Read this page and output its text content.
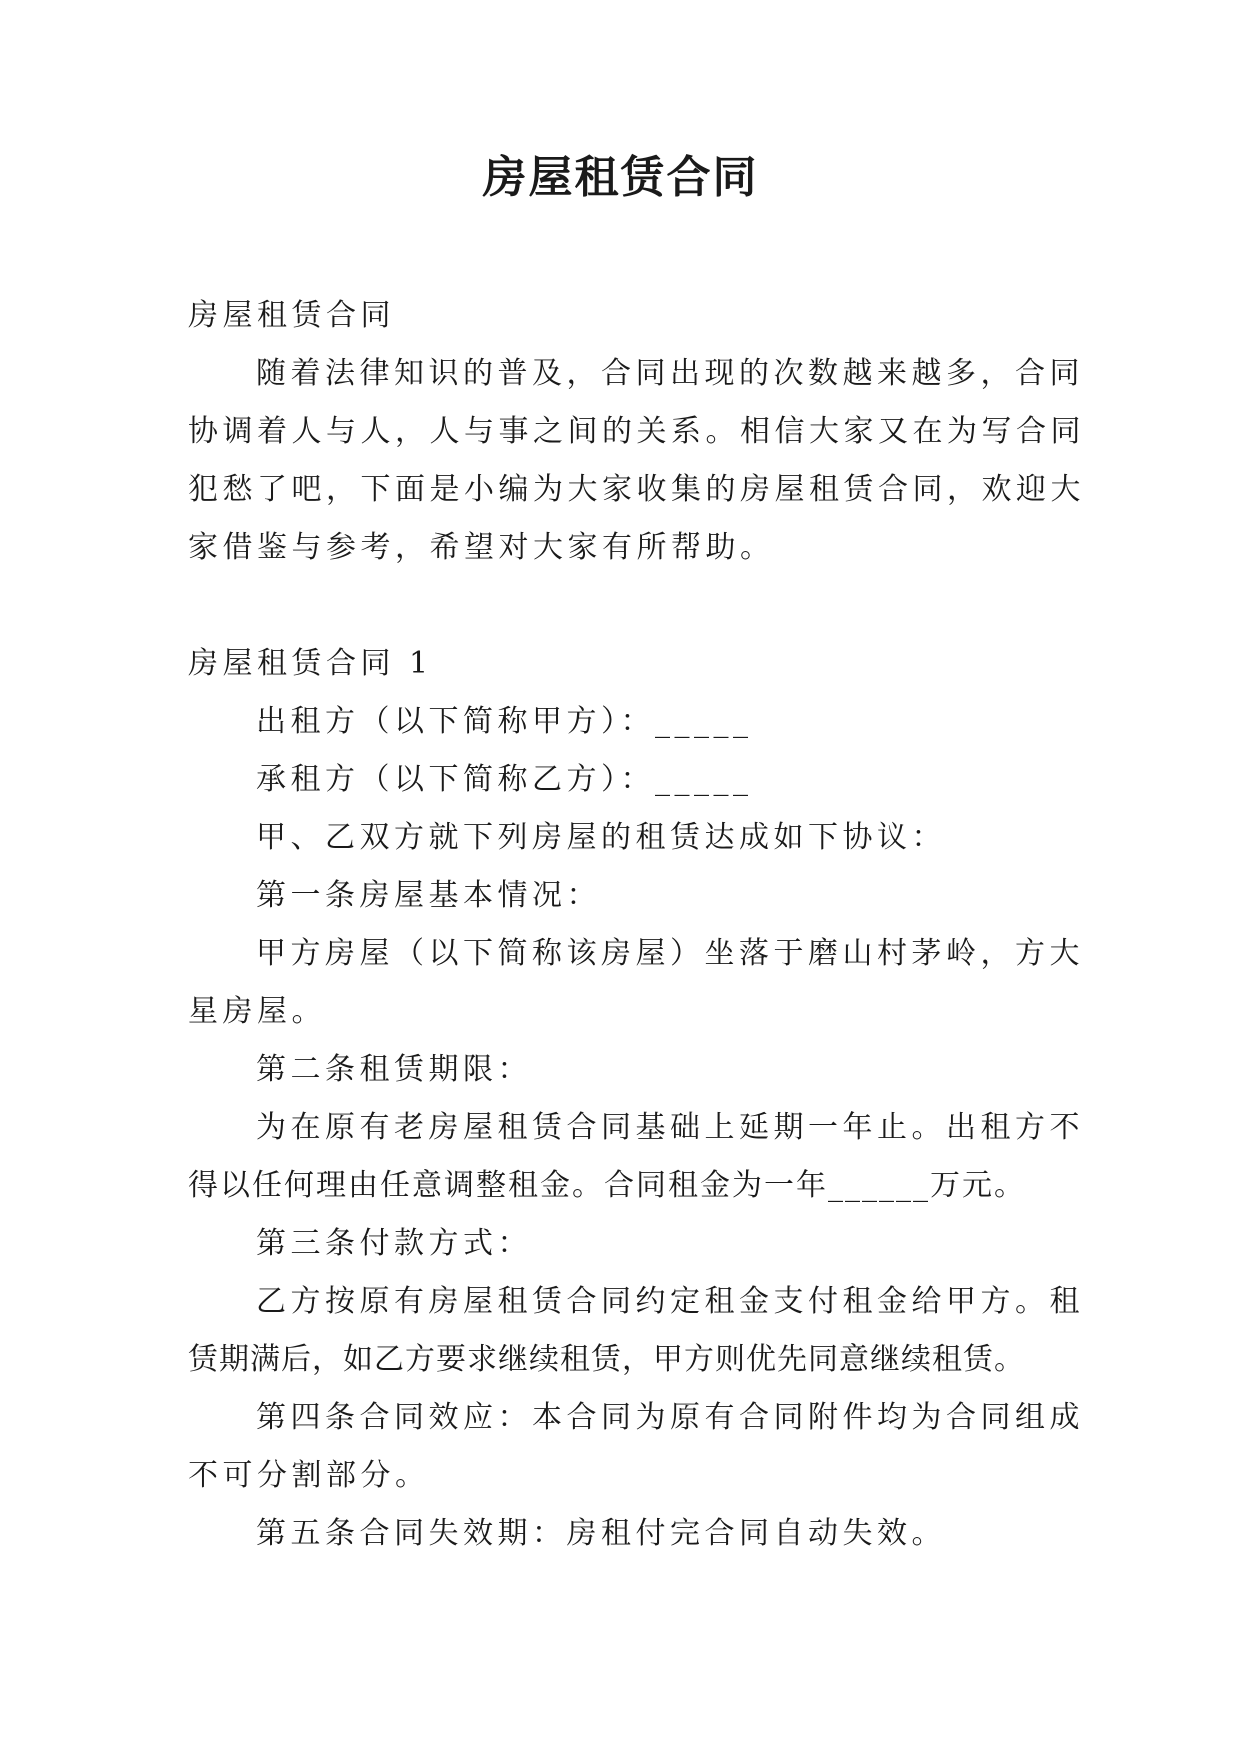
房屋租赁合同
房屋租赁合同
随着法律知识的普及，合同出现的次数越来越多，合同
协调着人与人，人与事之间的关系。相信大家又在为写合同
犯愁了吧，下面是小编为大家收集的房屋租赁合同，欢迎大
家借鉴与参考，希望对大家有所帮助。
房屋租赁合同 1
出租方（以下简称甲方）：_____
承租方（以下简称乙方）：_____
甲、乙双方就下列房屋的租赁达成如下协议：
第一条房屋基本情况：
甲方房屋（以下简称该房屋）坐落于磨山村茅岭，方大
星房屋。
第二条租赁期限：
为在原有老房屋租赁合同基础上延期一年止。出租方不
得以任何理由任意调整租金。合同租金为一年______万元。
第三条付款方式：
乙方按原有房屋租赁合同约定租金支付租金给甲方。租
赁期满后，如乙方要求继续租赁，甲方则优先同意继续租赁。
第四条合同效应：本合同为原有合同附件均为合同组成
不可分割部分。
第五条合同失效期：房租付完合同自动失效。
